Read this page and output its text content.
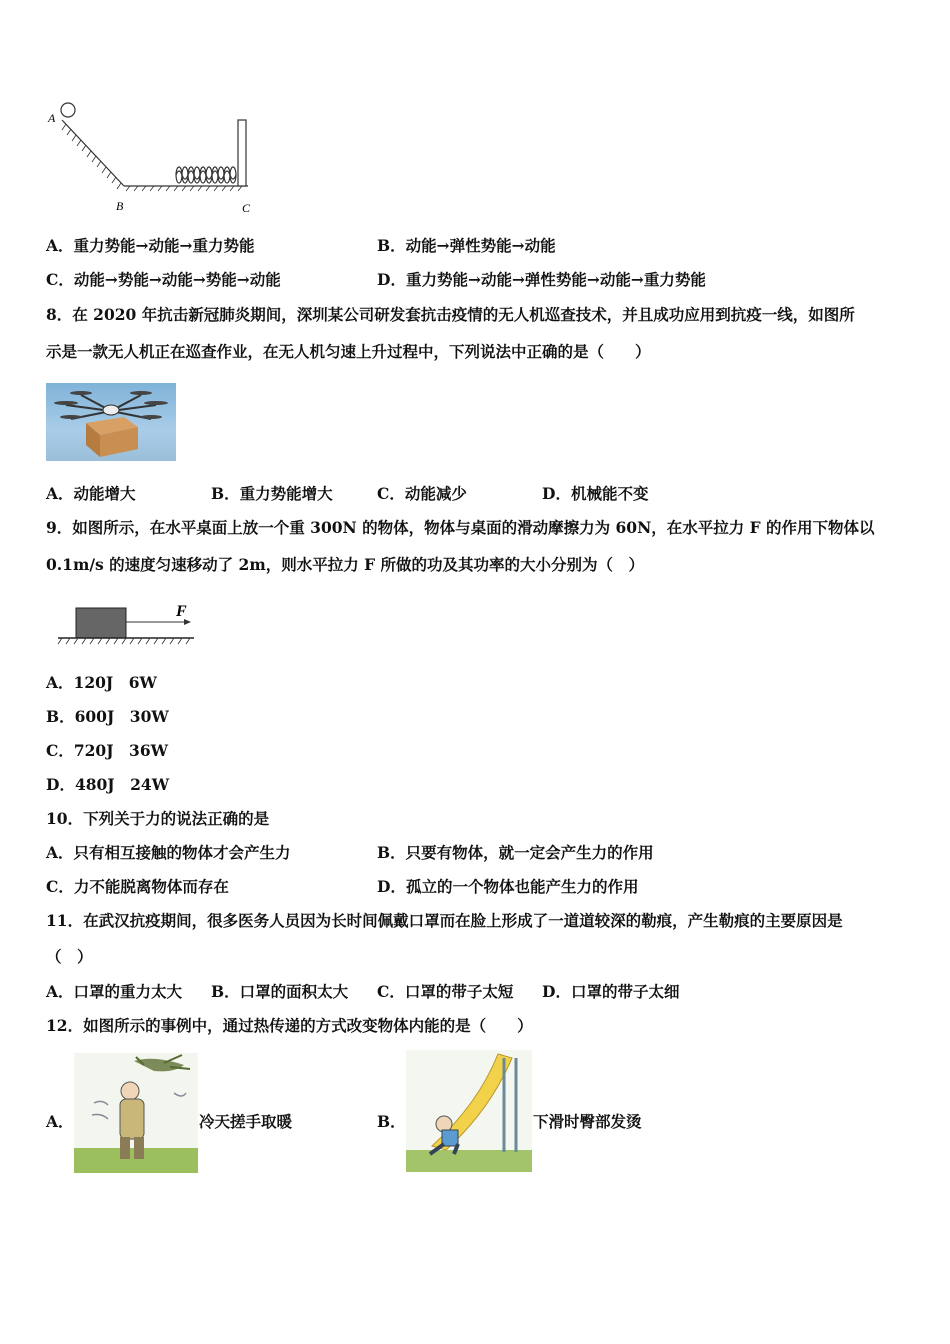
A
B	C
A．重力势能→动能→重力势能	B．动能→弹性势能→动能
C．动能→势能→动能→势能→动能	D．重力势能→动能→弹性势能→动能→重力势能
8．在 2020 年抗击新冠肺炎期间，深圳某公司研发套抗击疫情的无人机巡查技术，并且成功应用到抗疫一线，如图所
示是一款无人机正在巡查作业，在无人机匀速上升过程中，下列说法中正确的是（　　）
A．动能增大	B．重力势能增大	C．动能减少	D．机械能不变
9．如图所示，在水平桌面上放一个重 300N 的物体，物体与桌面的滑动摩擦力为 60N，在水平拉力 F 的作用下物体以
0.1m/s 的速度匀速移动了 2m，则水平拉力 F 所做的功及其功率的大小分别为（　）
F
A．120J　6W
B．600J　30W
C．720J　36W
D．480J　24W
10．下列关于力的说法正确的是
A．只有相互接触的物体才会产生力	B．只要有物体，就一定会产生力的作用
C．力不能脱离物体而存在	D．孤立的一个物体也能产生力的作用
11．在武汉抗疫期间，很多医务人员因为长时间佩戴口罩而在脸上形成了一道道较深的勒痕，产生勒痕的主要原因是
（　）
A．口罩的重力太大 B．口罩的面积太大 C．口罩的带子太短 D．口罩的带子太细
12．如图所示的事例中，通过热传递的方式改变物体内能的是（　　）
A．	冷天搓手取暖	B．	下滑时臀部发烫
